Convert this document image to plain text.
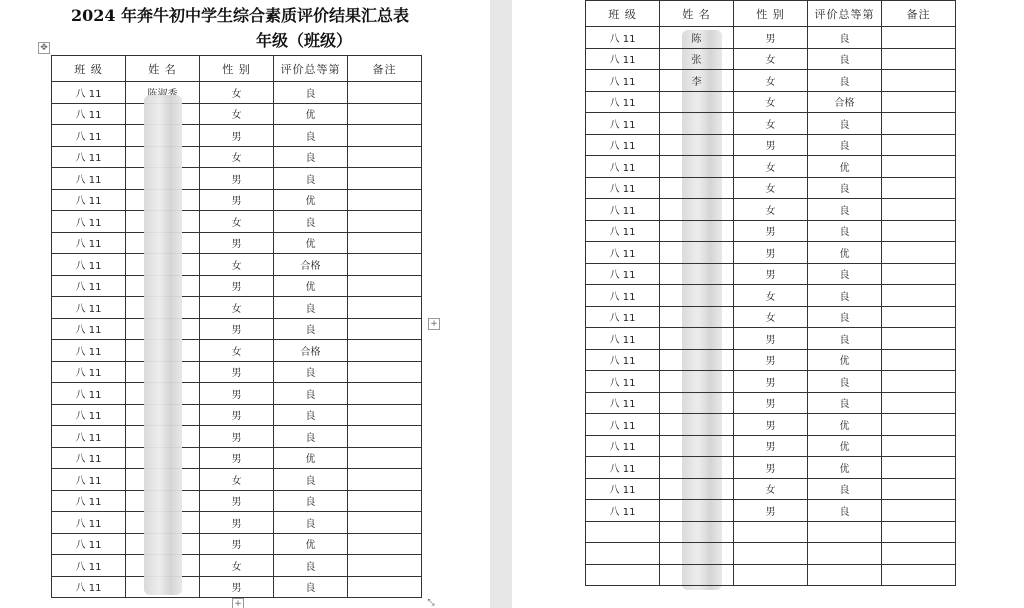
2024 年奔牛初中学生综合素质评价结果汇总表
年级（班级）
✥
+
+	⤡
班 级	姓 名	性 别	评价总等第	备注
八 11		女	良	
八 11		女	优	
八 11		男	良	
八 11		女	良	
八 11		男	良	
八 11		男	优	
八 11		女	良	
八 11		男	优	
八 11		女	合格	
八 11		男	优	
八 11		女	良	
八 11		男	良	
八 11		女	合格	
八 11		男	良	
八 11		男	良	
八 11		男	良	
八 11		男	良	
八 11		男	优	
八 11		女	良	
八 11		男	良	
八 11		男	良	
八 11		男	优	
八 11		女	良	
八 11		男	良	
班 级	姓 名	性 别	评价总等第	备注
八 11	陈	男	良	
八 11	张	女	良	
八 11	李	女	良	
八 11		女	合格	
八 11		女	良	
八 11		男	良	
八 11		女	优	
八 11		女	良	
八 11		女	良	
八 11		男	良	
八 11		男	优	
八 11		男	良	
八 11		女	良	
八 11		女	良	
八 11		男	良	
八 11		男	优	
八 11		男	良	
八 11		男	良	
八 11		男	优	
八 11		男	优	
八 11		男	优	
八 11		女	良	
八 11		男	良	
